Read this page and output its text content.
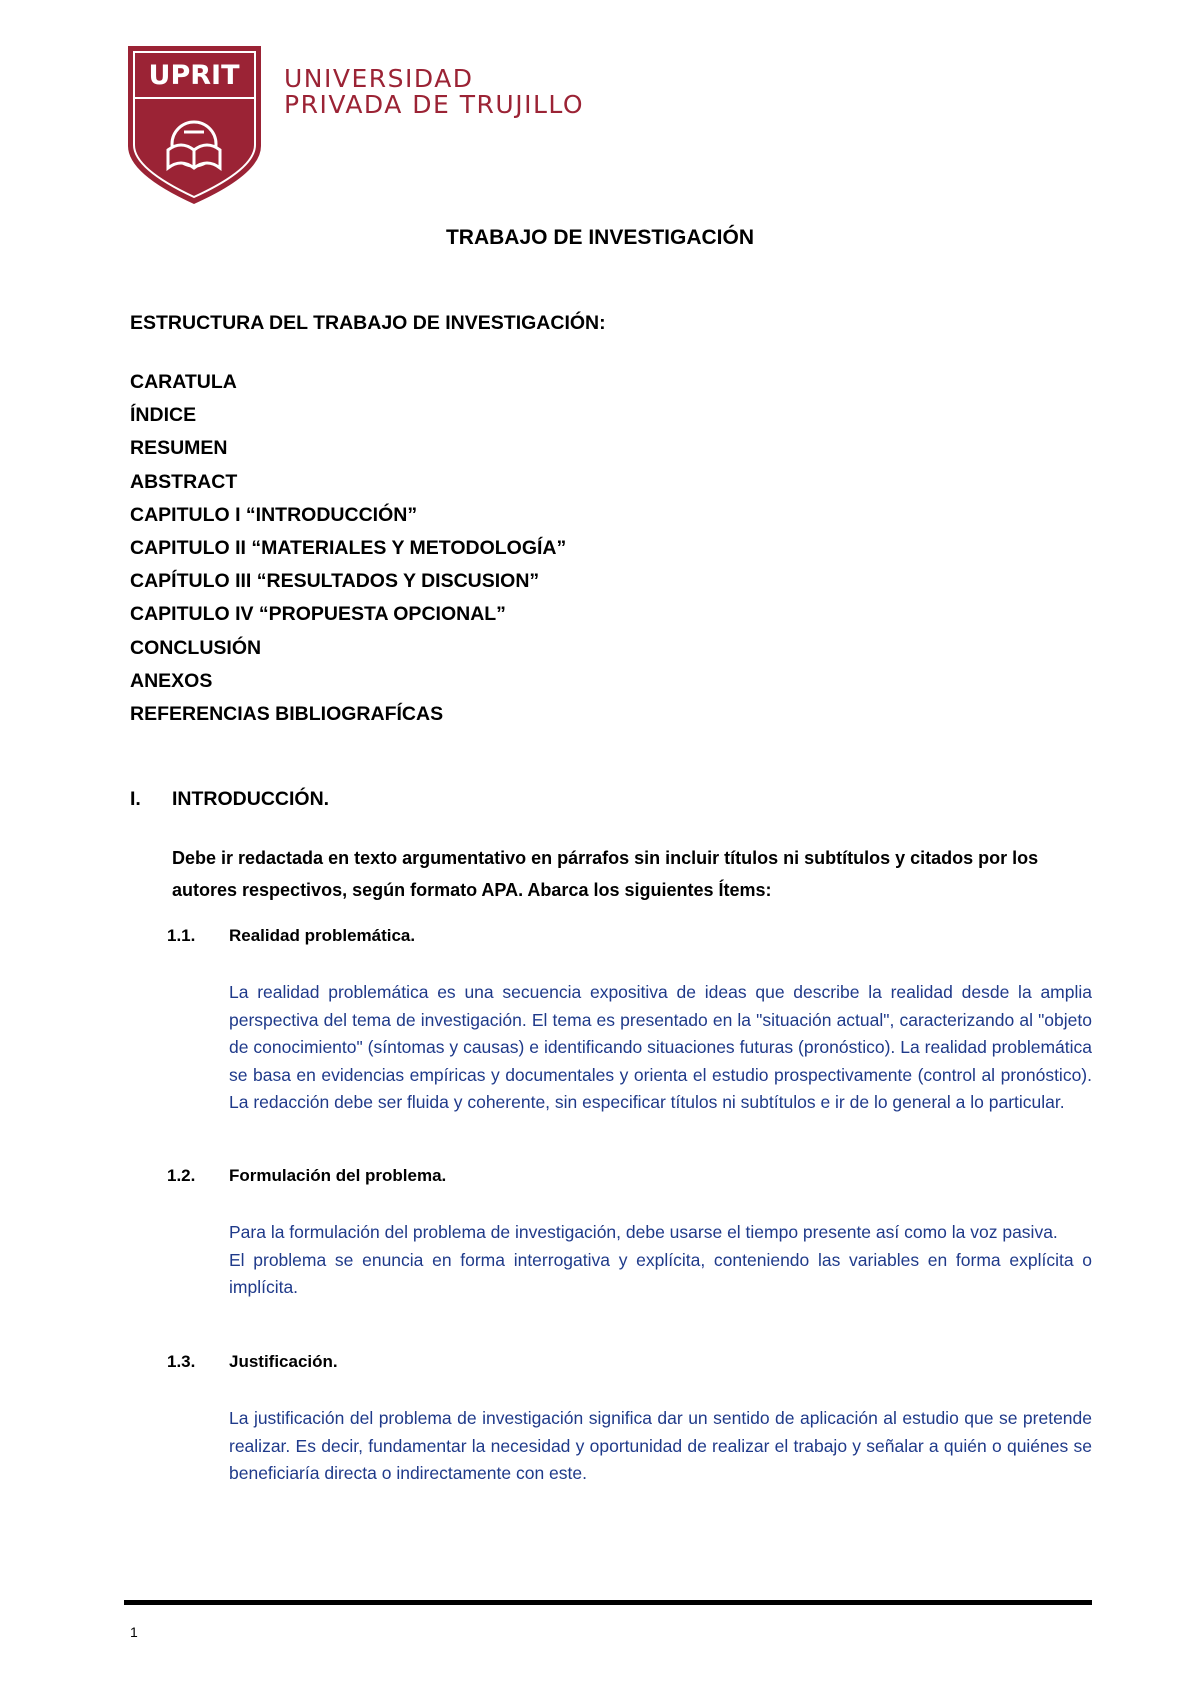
UPRIT UNIVERSIDAD
PRIVADA DE TRUJILLO
TRABAJO DE INVESTIGACIÓN
ESTRUCTURA DEL TRABAJO DE INVESTIGACIÓN:
CARATULA
ÍNDICE
RESUMEN
ABSTRACT
CAPITULO I “INTRODUCCIÓN”
CAPITULO II “MATERIALES Y METODOLOGÍA”
CAPÍTULO III “RESULTADOS Y DISCUSION”
CAPITULO IV “PROPUESTA OPCIONAL”
CONCLUSIÓN
ANEXOS
REFERENCIAS BIBLIOGRAFÍCAS
I. INTRODUCCIÓN.
Debe ir redactada en texto argumentativo en párrafos sin incluir títulos ni subtítulos y citados por los autores respectivos, según formato APA. Abarca los siguientes Ítems:
1.1. Realidad problemática.

La realidad problemática es una secuencia expositiva de ideas que describe la realidad desde la amplia perspectiva del tema de investigación. El tema es presentado en la "situación actual", caracterizando al "objeto de conocimiento" (síntomas y causas) e identificando situaciones futuras (pronóstico). La realidad problemática se basa en evidencias empíricas y documentales y orienta el estudio prospectivamente (control al pronóstico). La redacción debe ser fluida y coherente, sin especificar títulos ni subtítulos e ir de lo general a lo particular.

1.2. Formulación del problema.

Para la formulación del problema de investigación, debe usarse el tiempo presente así como la voz pasiva.

El problema se enuncia en forma interrogativa y explícita, conteniendo las variables en forma explícita o implícita.

1.3. Justificación.

La justificación del problema de investigación significa dar un sentido de aplicación al estudio que se pretende realizar. Es decir, fundamentar la necesidad y oportunidad de realizar el trabajo y señalar a quién o quiénes se beneficiaría directa o indirectamente con este.

1
